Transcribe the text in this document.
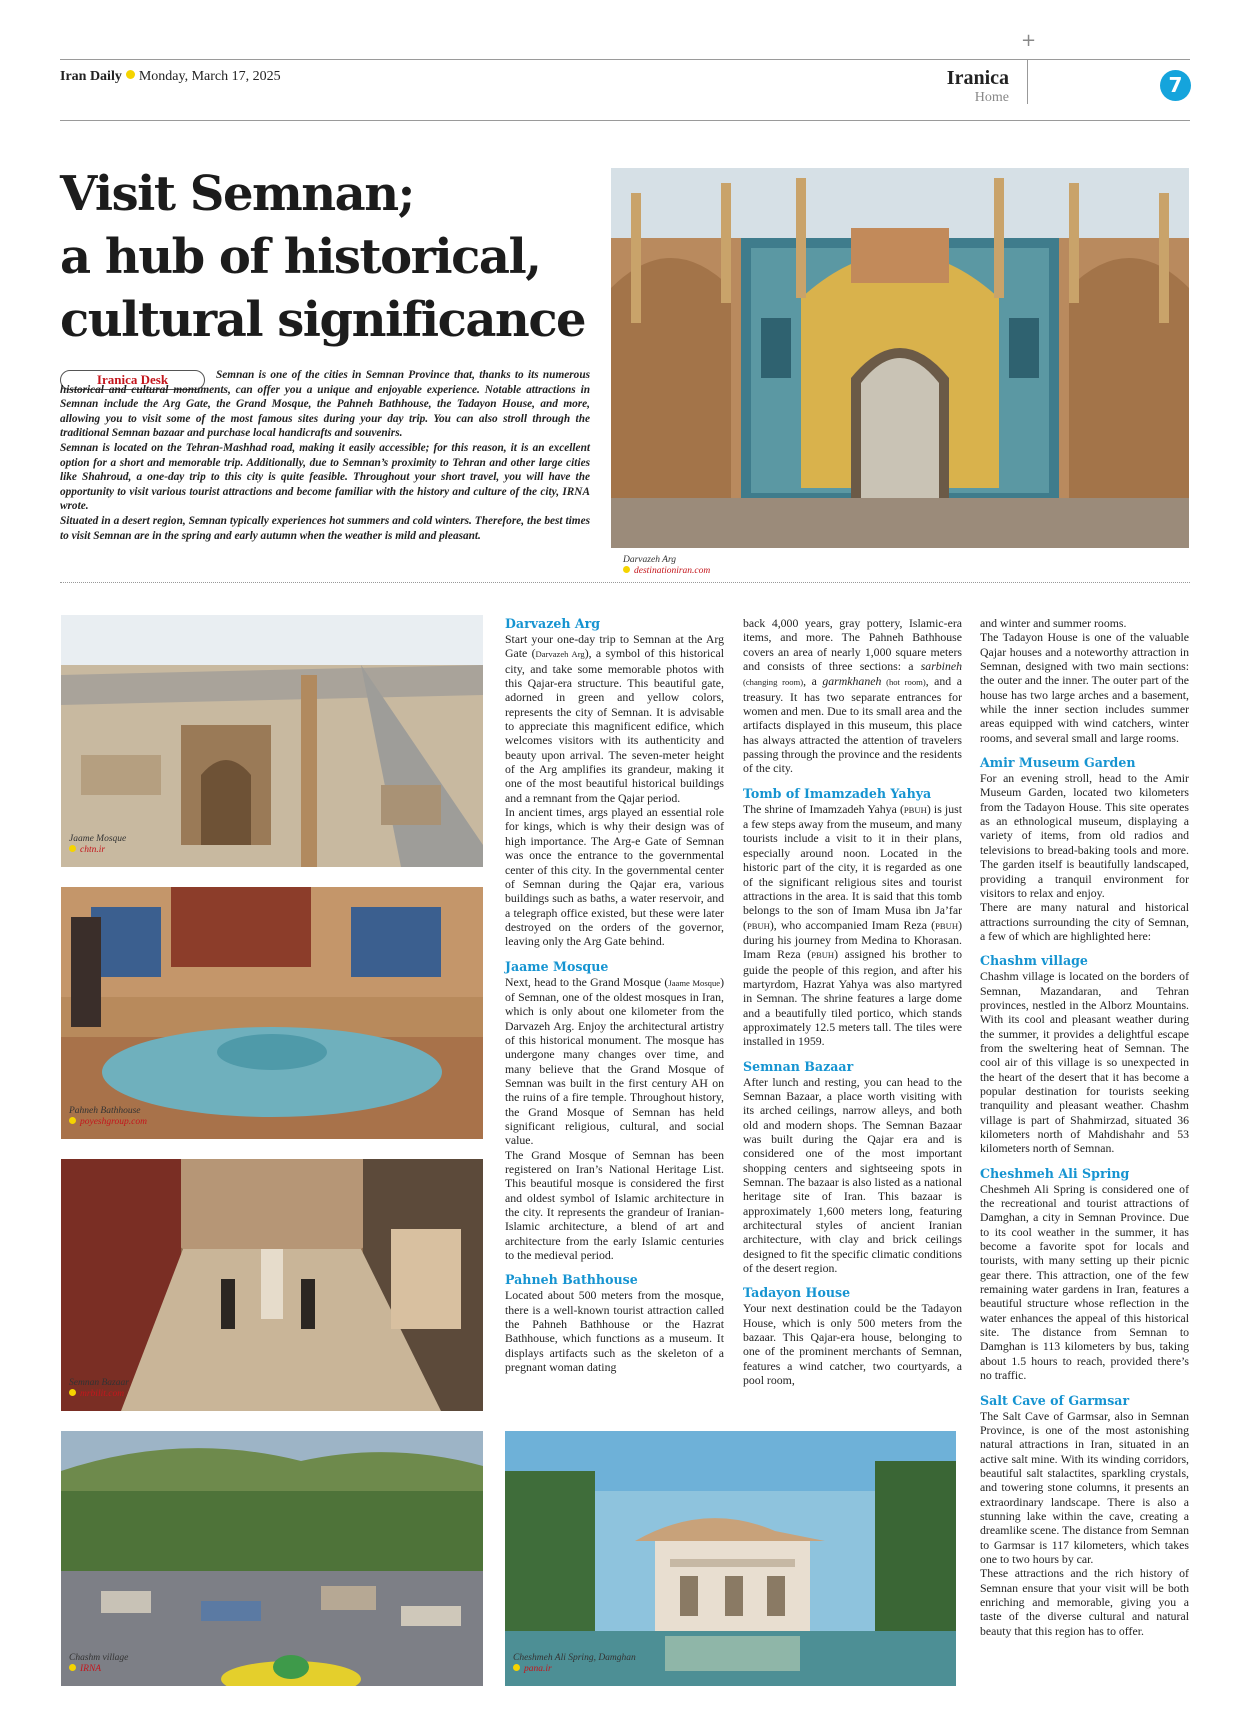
+
Iran Daily Monday, March 17, 2025	Iranica
Home
7
Visit Semnan;
a hub of historical,
cultural significance
Iranica Desk	Semnan is one of the cities in Semnan Province that, thanks to its numerous historical and cultural monuments, can offer you a unique and enjoyable experience. Notable attractions in Semnan include the Arg Gate, the Grand Mosque, the Pahneh Bathhouse, the Tadayon House, and more, allowing you to visit some of the most famous sites during your day trip. You can also stroll through the traditional Semnan bazaar and purchase local handicrafts and souvenirs.

Semnan is located on the Tehran-Mashhad road, making it easily accessible; for this reason, it is an excellent option for a short and memorable trip. Additionally, due to Semnan’s proximity to Tehran and other large cities like Shahroud, a one-day trip to this city is quite feasible. Throughout your short travel, you will have the opportunity to visit various tourist attractions and become familiar with the history and culture of the city, IRNA wrote.

Situated in a desert region, Semnan typically experiences hot summers and cold winters. Therefore, the best times to visit Semnan are in the spring and early autumn when the weather is mild and pleasant.

Darvazeh Arg
destinationiran.com
Jaame Mosque
chtn.ir
Pahneh Bathhouse
poyeshgroup.com
Semnan Bazaar
mrbilit.com
Chashm village
IRNA
Cheshmeh Ali Spring, Damghan
pana.ir
Darvazeh Arg

Start your one-day trip to Semnan at the Arg Gate (Darvazeh Arg), a symbol of this historical city, and take some memorable photos with this Qajar-era structure. This beautiful gate, adorned in green and yellow colors, represents the city of Semnan. It is advisable to appreciate this magnificent edifice, which welcomes visitors with its authenticity and beauty upon arrival. The seven-meter height of the Arg amplifies its grandeur, making it one of the most beautiful historical buildings and a remnant from the Qajar period.

In ancient times, args played an essential role for kings, which is why their design was of high importance. The Arg-e Gate of Semnan was once the entrance to the governmental center of this city. In the governmental center of Semnan during the Qajar era, various buildings such as baths, a water reservoir, and a telegraph office existed, but these were later destroyed on the orders of the governor, leaving only the Arg Gate behind.

Jaame Mosque

Next, head to the Grand Mosque (Jaame Mosque) of Semnan, one of the oldest mosques in Iran, which is only about one kilometer from the Darvazeh Arg. Enjoy the architectural artistry of this historical monument. The mosque has undergone many changes over time, and many believe that the Grand Mosque of Semnan was built in the first century AH on the ruins of a fire temple. Throughout history, the Grand Mosque of Semnan has held significant religious, cultural, and social value.

The Grand Mosque of Semnan has been registered on Iran’s National Heritage List. This beautiful mosque is considered the first and oldest symbol of Islamic architecture in the city. It represents the grandeur of Iranian-Islamic architecture, a blend of art and architecture from the early Islamic centuries to the medieval period.

Pahneh Bathhouse

Located about 500 meters from the mosque, there is a well-known tourist attraction called the Pahneh Bathhouse or the Hazrat Bathhouse, which functions as a museum. It displays artifacts such as the skeleton of a pregnant woman dating

back 4,000 years, gray pottery, Islamic-era items, and more. The Pahneh Bathhouse covers an area of nearly 1,000 square meters and consists of three sections: a sarbineh (changing room), a garmkhaneh (hot room), and a treasury. It has two separate entrances for women and men. Due to its small area and the artifacts displayed in this museum, this place has always attracted the attention of travelers passing through the province and the residents of the city.

Tomb of Imamzadeh Yahya

The shrine of Imamzadeh Yahya (PBUH) is just a few steps away from the museum, and many tourists include a visit to it in their plans, especially around noon. Located in the historic part of the city, it is regarded as one of the significant religious sites and tourist attractions in the area. It is said that this tomb belongs to the son of Imam Musa ibn Ja’far (PBUH), who accompanied Imam Reza (PBUH) during his journey from Medina to Khorasan. Imam Reza (PBUH) assigned his brother to guide the people of this region, and after his martyrdom, Hazrat Yahya was also martyred in Semnan. The shrine features a large dome and a beautifully tiled portico, which stands approximately 12.5 meters tall. The tiles were installed in 1959.

Semnan Bazaar

After lunch and resting, you can head to the Semnan Bazaar, a place worth visiting with its arched ceilings, narrow alleys, and both old and modern shops. The Semnan Bazaar was built during the Qajar era and is considered one of the most important shopping centers and sightseeing spots in Semnan. The bazaar is also listed as a national heritage site of Iran. This bazaar is approximately 1,600 meters long, featuring architectural styles of ancient Iranian architecture, with clay and brick ceilings designed to fit the specific climatic conditions of the desert region.

Tadayon House

Your next destination could be the Tadayon House, which is only 500 meters from the bazaar. This Qajar-era house, belonging to one of the prominent merchants of Semnan, features a wind catcher, two courtyards, a pool room,

and winter and summer rooms.

The Tadayon House is one of the valuable Qajar houses and a noteworthy attraction in Semnan, designed with two main sections: the outer and the inner. The outer part of the house has two large arches and a basement, while the inner section includes summer areas equipped with wind catchers, winter rooms, and several small and large rooms.

Amir Museum Garden

For an evening stroll, head to the Amir Museum Garden, located two kilometers from the Tadayon House. This site operates as an ethnological museum, displaying a variety of items, from old radios and televisions to bread-baking tools and more. The garden itself is beautifully landscaped, providing a tranquil environment for visitors to relax and enjoy.

There are many natural and historical attractions surrounding the city of Semnan, a few of which are highlighted here:

Chashm village

Chashm village is located on the borders of Semnan, Mazandaran, and Tehran provinces, nestled in the Alborz Mountains. With its cool and pleasant weather during the summer, it provides a delightful escape from the sweltering heat of Semnan. The cool air of this village is so unexpected in the heart of the desert that it has become a popular destination for tourists seeking tranquility and pleasant weather. Chashm village is part of Shahmirzad, situated 36 kilometers north of Mahdishahr and 53 kilometers north of Semnan.

Cheshmeh Ali Spring

Cheshmeh Ali Spring is considered one of the recreational and tourist attractions of Damghan, a city in Semnan Province. Due to its cool weather in the summer, it has become a favorite spot for locals and tourists, with many setting up their picnic gear there. This attraction, one of the few remaining water gardens in Iran, features a beautiful structure whose reflection in the water enhances the appeal of this historical site. The distance from Semnan to Damghan is 113 kilometers by bus, taking about 1.5 hours to reach, provided there’s no traffic.

Salt Cave of Garmsar

The Salt Cave of Garmsar, also in Semnan Province, is one of the most astonishing natural attractions in Iran, situated in an active salt mine. With its winding corridors, beautiful salt stalactites, sparkling crystals, and towering stone columns, it presents an extraordinary landscape. There is also a stunning lake within the cave, creating a dreamlike scene. The distance from Semnan to Garmsar is 117 kilometers, which takes one to two hours by car.

These attractions and the rich history of Semnan ensure that your visit will be both enriching and memorable, giving you a taste of the diverse cultural and natural beauty that this region has to offer.
